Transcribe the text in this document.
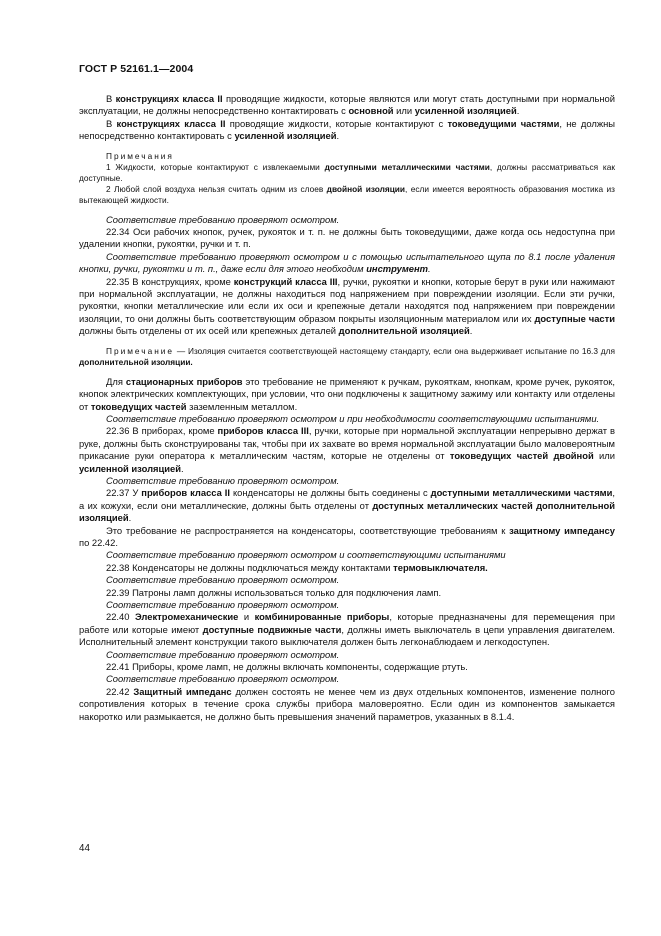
ГОСТ Р 52161.1—2004

В конструкциях класса II проводящие жидкости, которые являются или могут стать доступными при нормальной эксплуатации, не должны непосредственно контактировать с основной или усиленной изоляцией.

В конструкциях класса II проводящие жидкости, которые контактируют с токоведущими частями, не должны непосредственно контактировать с усиленной изоляцией.

Примечания

1 Жидкости, которые контактируют с извлекаемыми доступными металлическими частями, должны рассматриваться как доступные.

2 Любой слой воздуха нельзя считать одним из слоев двойной изоляции, если имеется вероятность образования мостика из вытекающей жидкости.

Соответствие требованию проверяют осмотром.

22.34 Оси рабочих кнопок, ручек, рукояток и т. п. не должны быть токоведущими, даже когда ось недоступна при удалении кнопки, рукоятки, ручки и т. п.

Соответствие требованию проверяют осмотром и с помощью испытательного щупа по 8.1 после удаления кнопки, ручки, рукоятки и т. п., даже если для этого необходим инструмент.

22.35 В конструкциях, кроме конструкций класса III, ручки, рукоятки и кнопки, которые берут в руки или нажимают при нормальной эксплуатации, не должны находиться под напряжением при повреждении изоляции. Если эти ручки, рукоятки, кнопки металлические или если их оси и крепежные детали находятся под напряжением при повреждении изоляции, то они должны быть соответствующим образом покрыты изоляционным материалом или их доступные части должны быть отделены от их осей или крепежных деталей дополнительной изоляцией.

Примечание — Изоляция считается соответствующей настоящему стандарту, если она выдерживает испытание по 16.3 для дополнительной изоляции.

Для стационарных приборов это требование не применяют к ручкам, рукояткам, кнопкам, кроме ручек, рукояток, кнопок электрических комплектующих, при условии, что они подключены к защитному зажиму или контакту или отделены от токоведущих частей заземленным металлом.

Соответствие требованию проверяют осмотром и при необходимости соответствующими испытаниями.

22.36 В приборах, кроме приборов класса III, ручки, которые при нормальной эксплуатации непрерывно держат в руке, должны быть сконструированы так, чтобы при их захвате во время нормальной эксплуатации было маловероятным прикасание руки оператора к металлическим частям, которые не отделены от токоведущих частей двойной или усиленной изоляцией.

Соответствие требованию проверяют осмотром.

22.37 У приборов класса II конденсаторы не должны быть соединены с доступными металлическими частями, а их кожухи, если они металлические, должны быть отделены от доступных металлических частей дополнительной изоляцией.

Это требование не распространяется на конденсаторы, соответствующие требованиям к защитному импедансу по 22.42.

Соответствие требованию проверяют осмотром и соответствующими испытаниями

22.38 Конденсаторы не должны подключаться между контактами термовыключателя.

Соответствие требованию проверяют осмотром.

22.39 Патроны ламп должны использоваться только для подключения ламп.

Соответствие требованию проверяют осмотром.

22.40 Электромеханические и комбинированные приборы, которые предназначены для перемещения при работе или которые имеют доступные подвижные части, должны иметь выключатель в цепи управления двигателем. Исполнительный элемент конструкции такого выключателя должен быть легконаблюдаем и легкодоступен.

Соответствие требованию проверяют осмотром.

22.41 Приборы, кроме ламп, не должны включать компоненты, содержащие ртуть.

Соответствие требованию проверяют осмотром.

22.42 Защитный импеданс должен состоять не менее чем из двух отдельных компонентов, изменение полного сопротивления которых в течение срока службы прибора маловероятно. Если один из компонентов замыкается накоротко или размыкается, не должно быть превышения значений параметров, указанных в 8.1.4.

44
